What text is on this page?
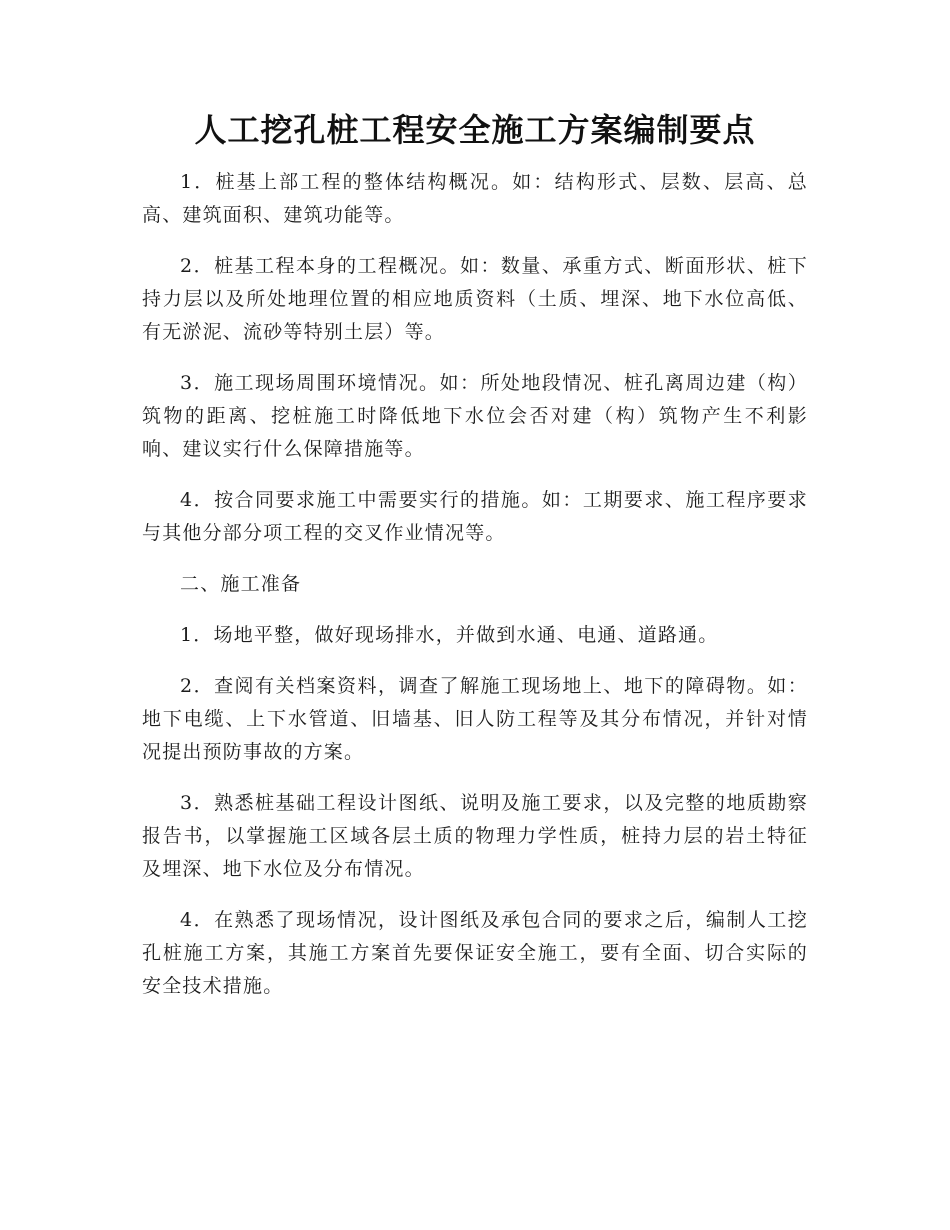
人工挖孔桩工程安全施工方案编制要点

1．桩基上部工程的整体结构概况。如：结构形式、层数、层高、总高、建筑面积、建筑功能等。

2．桩基工程本身的工程概况。如：数量、承重方式、断面形状、桩下持力层以及所处地理位置的相应地质资料（土质、埋深、地下水位高低、有无淤泥、流砂等特别土层）等。

3．施工现场周围环境情况。如：所处地段情况、桩孔离周边建（构）筑物的距离、挖桩施工时降低地下水位会否对建（构）筑物产生不利影响、建议实行什么保障措施等。

4．按合同要求施工中需要实行的措施。如：工期要求、施工程序要求与其他分部分项工程的交叉作业情况等。

二、施工准备

1．场地平整，做好现场排水，并做到水通、电通、道路通。

2．查阅有关档案资料，调查了解施工现场地上、地下的障碍物。如：地下电缆、上下水管道、旧墙基、旧人防工程等及其分布情况，并针对情况提出预防事故的方案。

3．熟悉桩基础工程设计图纸、说明及施工要求，以及完整的地质勘察报告书，以掌握施工区域各层土质的物理力学性质，桩持力层的岩土特征及埋深、地下水位及分布情况。

4．在熟悉了现场情况，设计图纸及承包合同的要求之后，编制人工挖孔桩施工方案，其施工方案首先要保证安全施工，要有全面、切合实际的安全技术措施。
